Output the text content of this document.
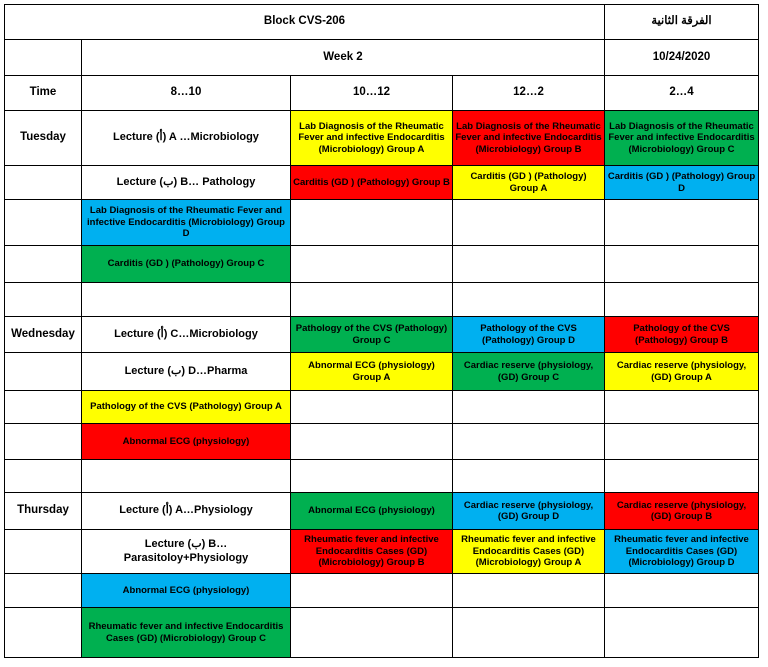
Block CVS-206				الفرقة الثانية
	Week 2			10/24/2020
Time	8…10	10…12	12…2	2…4
Tuesday	Lecture (أ) A …Microbiology	Lab Diagnosis of the Rheumatic Fever and infective Endocarditis (Microbiology) Group A	Lab Diagnosis of the Rheumatic Fever and infective Endocarditis (Microbiology) Group B	Lab Diagnosis of the Rheumatic Fever and infective Endocarditis (Microbiology) Group C
	Lecture (ب) B… Pathology	Carditis (GD ) (Pathology) Group B	Carditis (GD ) (Pathology) Group A	Carditis (GD ) (Pathology) Group D
	Lab Diagnosis of the Rheumatic Fever and infective Endocarditis (Microbiology) Group D			
	Carditis (GD ) (Pathology) Group C			

Wednesday	Lecture (أ) C…Microbiology	Pathology of the CVS (Pathology) Group C	Pathology of the CVS (Pathology) Group D	Pathology of the CVS (Pathology) Group B
	Lecture (ب) D…Pharma	Abnormal ECG (physiology) Group A	Cardiac reserve (physiology, (GD) Group C	Cardiac reserve (physiology, (GD) Group A
	Pathology of the CVS (Pathology) Group A			
	Abnormal ECG (physiology)			

Thursday	Lecture (أ) A…Physiology	Abnormal ECG (physiology)	Cardiac reserve (physiology, (GD) Group D	Cardiac reserve (physiology, (GD) Group B
	Lecture (ب) B…Parasitoloy+Physiology	Rheumatic fever and infective Endocarditis Cases (GD) (Microbiology) Group B	Rheumatic fever and infective Endocarditis Cases (GD) (Microbiology) Group A	Rheumatic fever and infective Endocarditis Cases (GD) (Microbiology) Group D
	Abnormal ECG (physiology)			
	Rheumatic fever and infective Endocarditis Cases (GD) (Microbiology) Group C			
